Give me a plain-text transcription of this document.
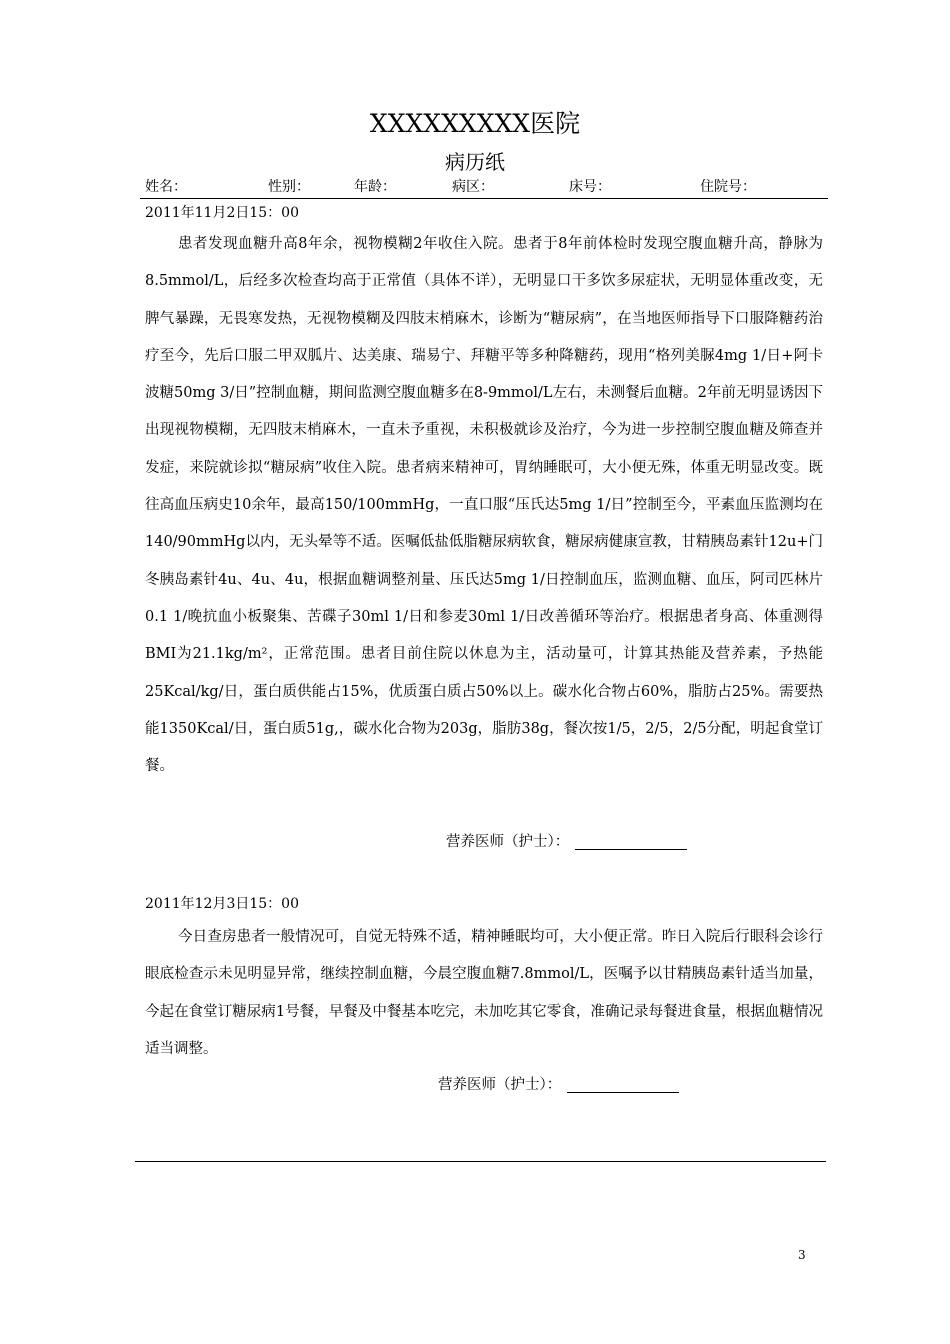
XXXXXXXXX医院
病历纸
姓名：	性别：	年龄：	病区：	床号：	住院号：
2011年11月2日15：00

患者发现血糖升高8年余，视物模糊2年收住入院。患者于8年前体检时发现空腹血糖升高，静脉为8.5mmol/L，后经多次检查均高于正常值（具体不详），无明显口干多饮多尿症状，无明显体重改变，无脾气暴躁，无畏寒发热，无视物模糊及四肢末梢麻木，诊断为“糖尿病”，在当地医师指导下口服降糖药治疗至今，先后口服二甲双胍片、达美康、瑞易宁、拜糖平等多种降糖药，现用“格列美脲4mg 1/日+阿卡波糖50mg 3/日”控制血糖，期间监测空腹血糖多在8-9mmol/L左右，未测餐后血糖。2年前无明显诱因下出现视物模糊，无四肢末梢麻木，一直未予重视，未积极就诊及治疗，今为进一步控制空腹血糖及筛查并发症，来院就诊拟“糖尿病”收住入院。患者病来精神可，胃纳睡眠可，大小便无殊，体重无明显改变。既往高血压病史10余年，最高150/100mmHg，一直口服“压氏达5mg 1/日”控制至今，平素血压监测均在140/90mmHg以内，无头晕等不适。医嘱低盐低脂糖尿病软食，糖尿病健康宣教，甘精胰岛素针12u+门冬胰岛素针4u、4u、4u，根据血糖调整剂量、压氏达5mg 1/日控制血压，监测血糖、血压，阿司匹林片0.1 1/晚抗血小板聚集、苦碟子30ml 1/日和参麦30ml 1/日改善循环等治疗。根据患者身高、体重测得BMI为21.1kg/m²，正常范围。患者目前住院以休息为主，活动量可，计算其热能及营养素，予热能25Kcal/kg/日，蛋白质供能占15%，优质蛋白质占50%以上。碳水化合物占60%，脂肪占25%。需要热能1350Kcal/日，蛋白质51g,，碳水化合物为203g，脂肪38g，餐次按1/5，2/5，2/5分配，明起食堂订餐。

营养医师（护士）：
2011年12月3日15：00

今日查房患者一般情况可，自觉无特殊不适，精神睡眠均可，大小便正常。昨日入院后行眼科会诊行眼底检查示未见明显异常，继续控制血糖，今晨空腹血糖7.8mmol/L，医嘱予以甘精胰岛素针适当加量，今起在食堂订糖尿病1号餐，早餐及中餐基本吃完，未加吃其它零食，准确记录每餐进食量，根据血糖情况适当调整。

营养医师（护士）：
3
